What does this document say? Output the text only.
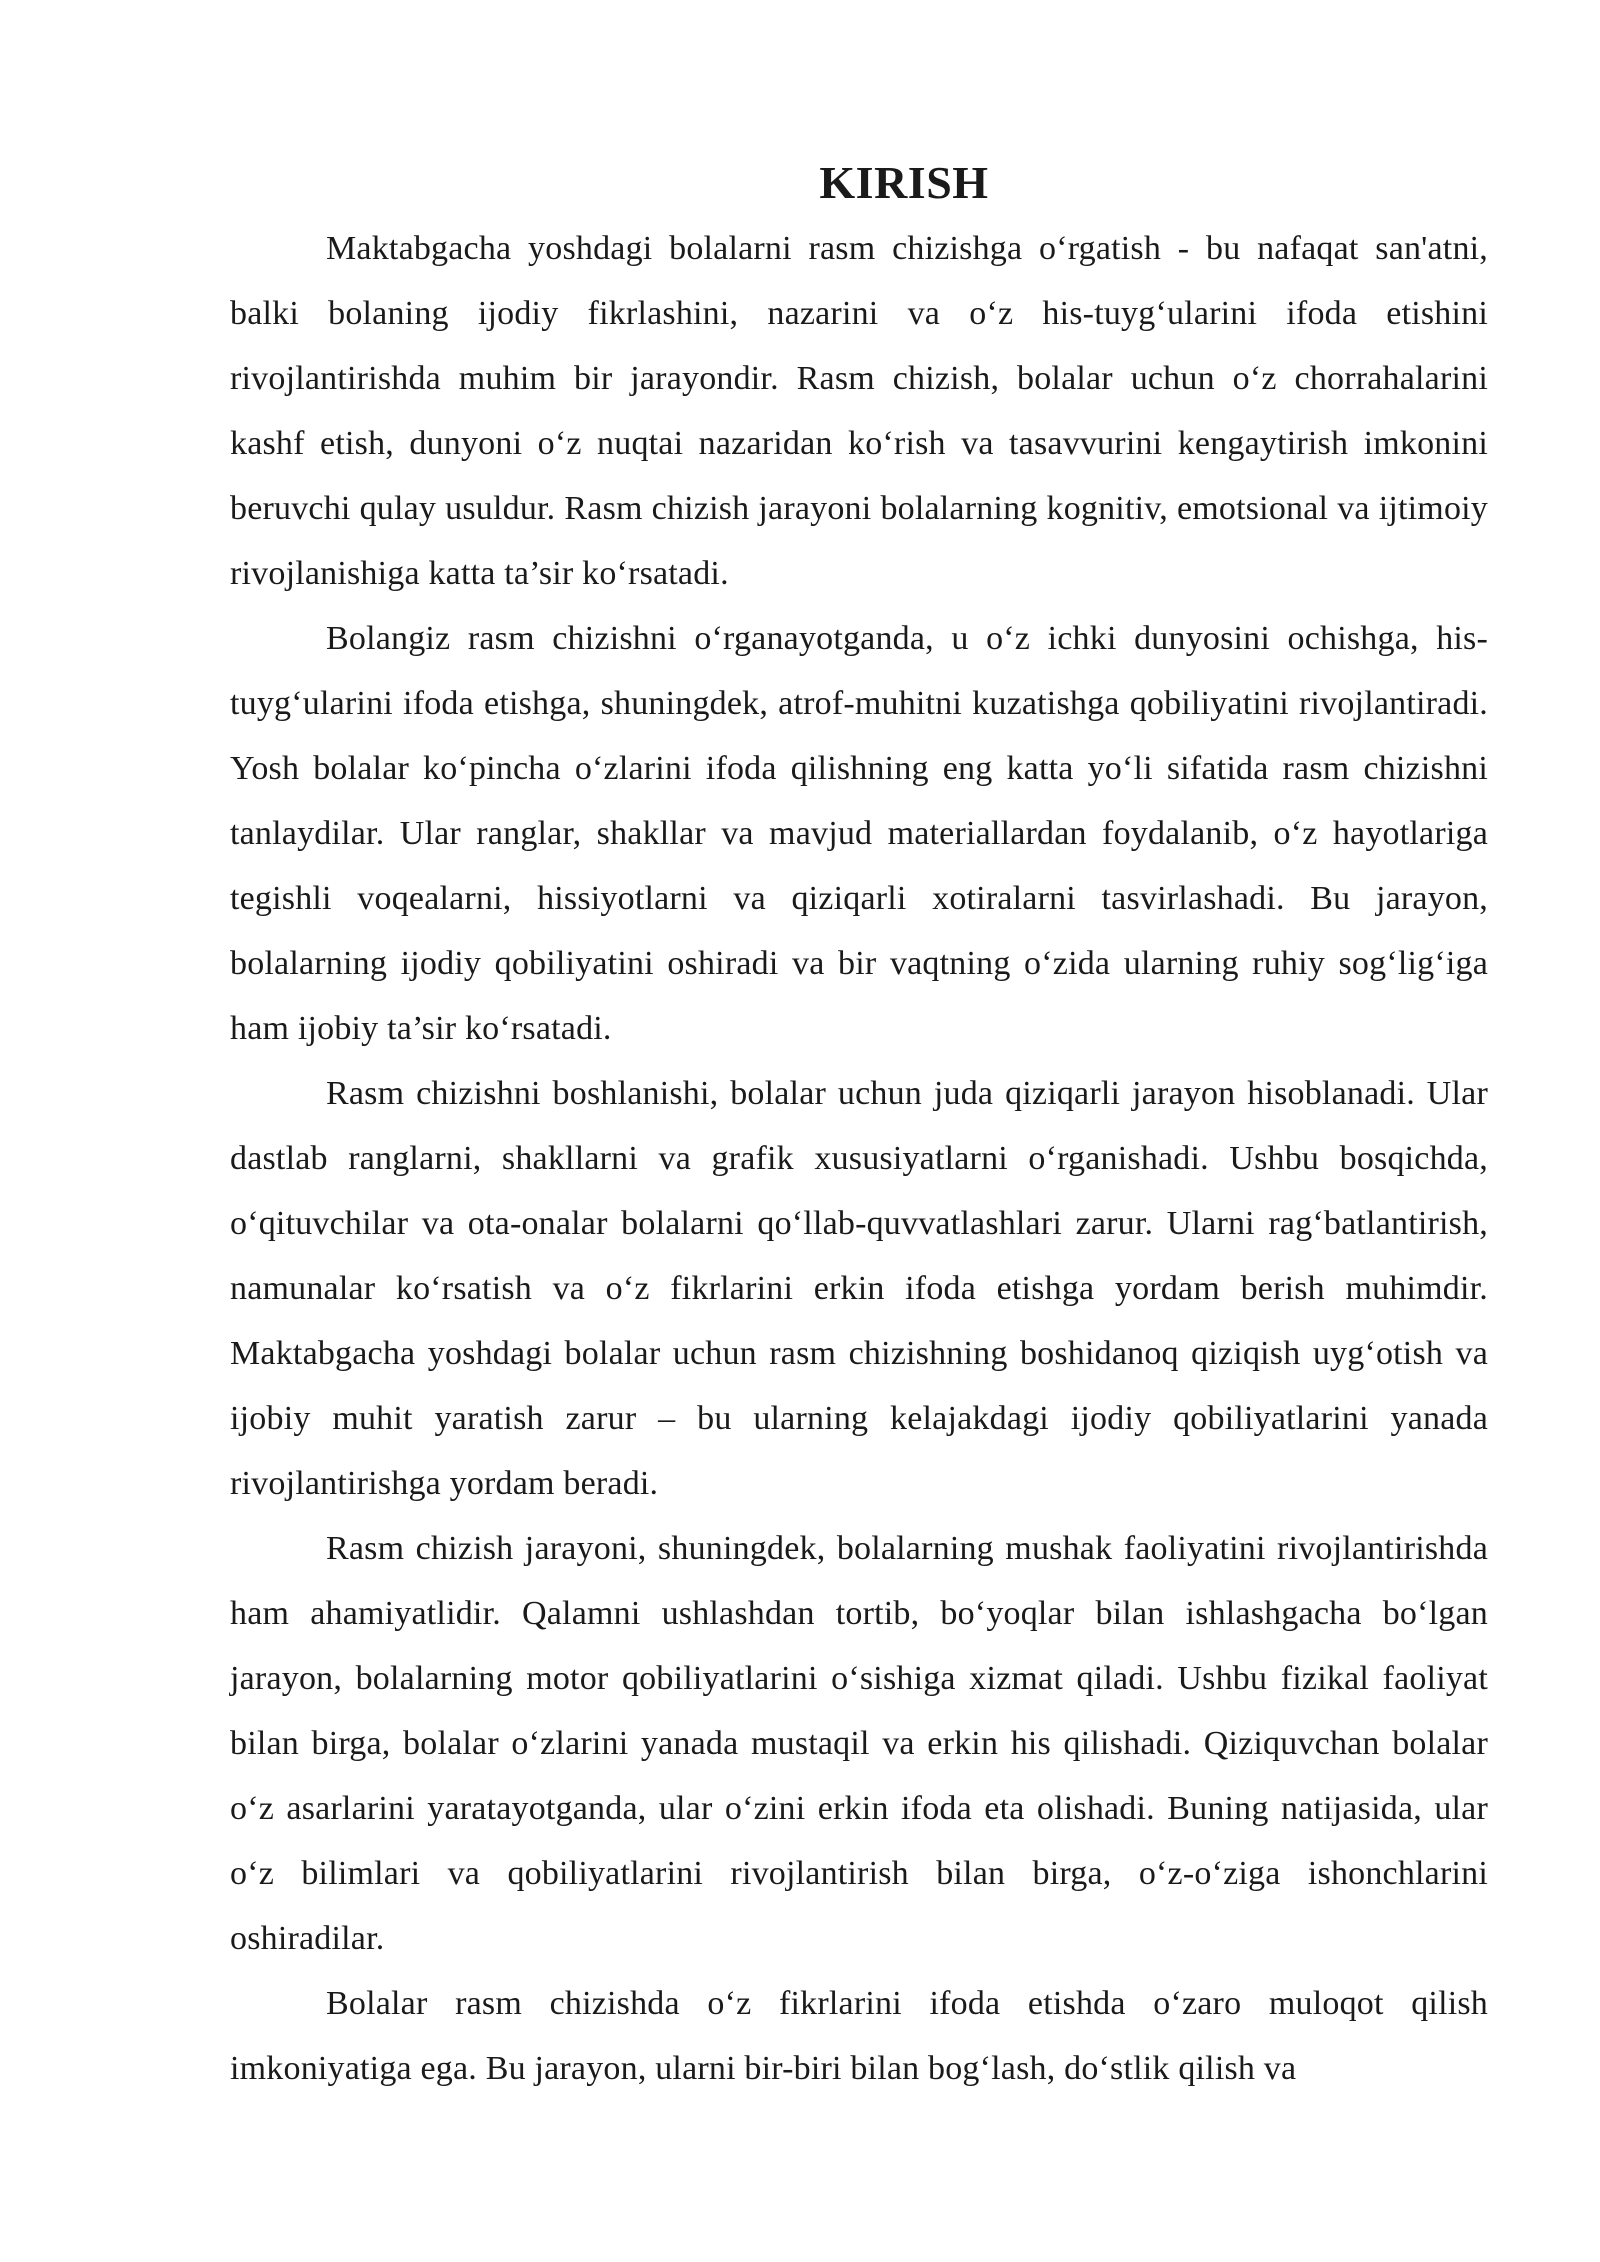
KIRISH

Maktabgacha yoshdagi bolalarni rasm chizishga o‘rgatish - bu nafaqat san'atni, balki bolaning ijodiy fikrlashini, nazarini va o‘z his-tuyg‘ularini ifoda etishini rivojlantirishda muhim bir jarayondir. Rasm chizish, bolalar uchun o‘z chorrahalarini kashf etish, dunyoni o‘z nuqtai nazaridan ko‘rish va tasavvurini kengaytirish imkonini beruvchi qulay usuldur. Rasm chizish jarayoni bolalarning kognitiv, emotsional va ijtimoiy rivojlanishiga katta ta’sir ko‘rsatadi.

Bolangiz rasm chizishni o‘rganayotganda, u o‘z ichki dunyosini ochishga, his-tuyg‘ularini ifoda etishga, shuningdek, atrof-muhitni kuzatishga qobiliyatini rivojlantiradi. Yosh bolalar ko‘pincha o‘zlarini ifoda qilishning eng katta yo‘li sifatida rasm chizishni tanlaydilar. Ular ranglar, shakllar va mavjud materiallardan foydalanib, o‘z hayotlariga tegishli voqealarni, hissiyotlarni va qiziqarli xotiralarni tasvirlashadi. Bu jarayon, bolalarning ijodiy qobiliyatini oshiradi va bir vaqtning o‘zida ularning ruhiy sog‘lig‘iga ham ijobiy ta’sir ko‘rsatadi.

Rasm chizishni boshlanishi, bolalar uchun juda qiziqarli jarayon hisoblanadi. Ular dastlab ranglarni, shakllarni va grafik xususiyatlarni o‘rganishadi. Ushbu bosqichda, o‘qituvchilar va ota-onalar bolalarni qo‘llab-quvvatlashlari zarur. Ularni rag‘batlantirish, namunalar ko‘rsatish va o‘z fikrlarini erkin ifoda etishga yordam berish muhimdir. Maktabgacha yoshdagi bolalar uchun rasm chizishning boshidanoq qiziqish uyg‘otish va ijobiy muhit yaratish zarur – bu ularning kelajakdagi ijodiy qobiliyatlarini yanada rivojlantirishga yordam beradi.

Rasm chizish jarayoni, shuningdek, bolalarning mushak faoliyatini rivojlantirishda ham ahamiyatlidir. Qalamni ushlashdan tortib, bo‘yoqlar bilan ishlashgacha bo‘lgan jarayon, bolalarning motor qobiliyatlarini o‘sishiga xizmat qiladi. Ushbu fizikal faoliyat bilan birga, bolalar o‘zlarini yanada mustaqil va erkin his qilishadi. Qiziquvchan bolalar o‘z asarlarini yaratayotganda, ular o‘zini erkin ifoda eta olishadi. Buning natijasida, ular o‘z bilimlari va qobiliyatlarini rivojlantirish bilan birga, o‘z-o‘ziga ishonchlarini oshiradilar.

Bolalar rasm chizishda o‘z fikrlarini ifoda etishda o‘zaro muloqot qilish imkoniyatiga ega. Bu jarayon, ularni bir-biri bilan bog‘lash, do‘stlik qilish va
